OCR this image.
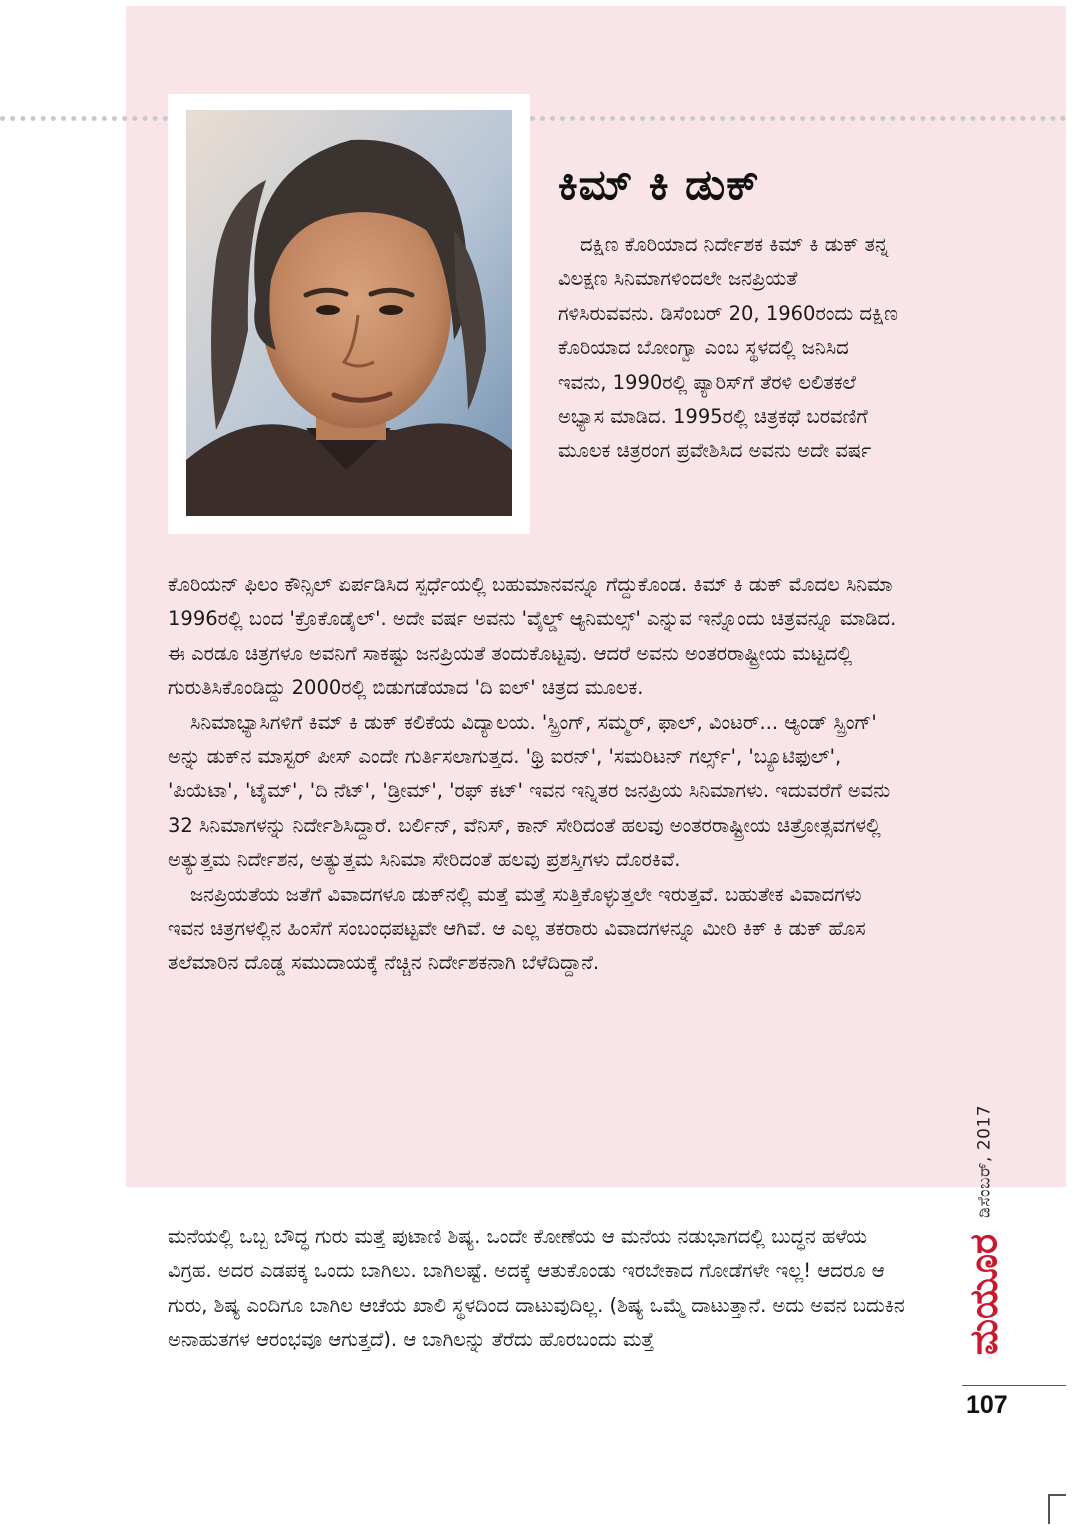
ಕಿಮ್ ಕಿ ಡುಕ್

ದಕ್ಷಿಣ ಕೊರಿಯಾದ ನಿರ್ದೇಶಕ ಕಿಮ್ ಕಿ ಡುಕ್ ತನ್ನ ವಿಲಕ್ಷಣ ಸಿನಿಮಾಗಳಿಂದಲೇ ಜನಪ್ರಿಯತೆ ಗಳಿಸಿರುವವನು. ಡಿಸೆಂಬರ್ 20, 1960ರಂದು ದಕ್ಷಿಣ ಕೊರಿಯಾದ ಬೋಂಗ್ವಾ ಎಂಬ ಸ್ಥಳದಲ್ಲಿ ಜನಿಸಿದ ಇವನು, 1990ರಲ್ಲಿ ಪ್ಯಾರಿಸ್‌ಗೆ ತೆರಳಿ ಲಲಿತಕಲೆ ಅಭ್ಯಾಸ ಮಾಡಿದ. 1995ರಲ್ಲಿ ಚಿತ್ರಕಥೆ ಬರವಣಿಗೆ ಮೂಲಕ ಚಿತ್ರರಂಗ ಪ್ರವೇಶಿಸಿದ ಅವನು ಅದೇ ವರ್ಷ

ಕೊರಿಯನ್ ಫಿಲಂ ಕೌನ್ಸಿಲ್ ಏರ್ಪಡಿಸಿದ ಸ್ಪರ್ಧೆಯಲ್ಲಿ ಬಹುಮಾನವನ್ನೂ ಗೆದ್ದುಕೊಂಡ. ಕಿಮ್ ಕಿ ಡುಕ್ ಮೊದಲ ಸಿನಿಮಾ 1996ರಲ್ಲಿ ಬಂದ 'ಕ್ರೊಕೊಡೈಲ್'. ಅದೇ ವರ್ಷ ಅವನು 'ವೈಲ್ಡ್ ಆ್ಯನಿಮಲ್ಸ್' ಎನ್ನುವ ಇನ್ನೊಂದು ಚಿತ್ರವನ್ನೂ ಮಾಡಿದ. ಈ ಎರಡೂ ಚಿತ್ರಗಳೂ ಅವನಿಗೆ ಸಾಕಷ್ಟು ಜನಪ್ರಿಯತೆ ತಂದುಕೊಟ್ಟವು. ಆದರೆ ಅವನು ಅಂತರರಾಷ್ಟ್ರೀಯ ಮಟ್ಟದಲ್ಲಿ ಗುರುತಿಸಿಕೊಂಡಿದ್ದು 2000ರಲ್ಲಿ ಬಿಡುಗಡೆಯಾದ 'ದಿ ಐಲ್' ಚಿತ್ರದ ಮೂಲಕ.

ಸಿನಿಮಾಭ್ಯಾಸಿಗಳಿಗೆ ಕಿಮ್ ಕಿ ಡುಕ್ ಕಲಿಕೆಯ ವಿದ್ಯಾಲಯ. 'ಸ್ಪ್ರಿಂಗ್, ಸಮ್ಮರ್, ಫಾಲ್, ವಿಂಟರ್... ಆ್ಯಂಡ್ ಸ್ಪ್ರಿಂಗ್' ಅನ್ನು ಡುಕ್‌ನ ಮಾಸ್ಟರ್ ಪೀಸ್ ಎಂದೇ ಗುರ್ತಿಸಲಾಗುತ್ತದ. 'ಥ್ರಿ ಐರನ್', 'ಸಮರಿಟನ್ ಗರ್ಲ್ಸ್', 'ಬ್ಯೂಟಿಫುಲ್', 'ಪಿಯೆಟಾ', 'ಟೈಮ್', 'ದಿ ನೆಟ್', 'ಡ್ರೀಮ್', 'ರಫ್ ಕಟ್' ಇವನ ಇನ್ನಿತರ ಜನಪ್ರಿಯ ಸಿನಿಮಾಗಳು. ಇದುವರೆಗೆ ಅವನು 32 ಸಿನಿಮಾಗಳನ್ನು ನಿರ್ದೇಶಿಸಿದ್ದಾರೆ. ಬರ್ಲಿನ್, ವೆನಿಸ್, ಕಾನ್ ಸೇರಿದಂತೆ ಹಲವು ಅಂತರರಾಷ್ಟ್ರೀಯ ಚಿತ್ರೋತ್ಸವಗಳಲ್ಲಿ ಅತ್ಯುತ್ತಮ ನಿರ್ದೇಶನ, ಅತ್ಯುತ್ತಮ ಸಿನಿಮಾ ಸೇರಿದಂತೆ ಹಲವು ಪ್ರಶಸ್ತಿಗಳು ದೊರಕಿವೆ.

ಜನಪ್ರಿಯತೆಯ ಜತೆಗೆ ವಿವಾದಗಳೂ ಡುಕ್‌ನಲ್ಲಿ ಮತ್ತೆ ಮತ್ತೆ ಸುತ್ತಿಕೊಳ್ಳುತ್ತಲೇ ಇರುತ್ತವೆ. ಬಹುತೇಕ ವಿವಾದಗಳು ಇವನ ಚಿತ್ರಗಳಲ್ಲಿನ ಹಿಂಸೆಗೆ ಸಂಬಂಧಪಟ್ಟವೇ ಆಗಿವೆ. ಆ ಎಲ್ಲ ತಕರಾರು ವಿವಾದಗಳನ್ನೂ ಮೀರಿ ಕಿಕ್ ಕಿ ಡುಕ್ ಹೊಸ ತಲೆಮಾರಿನ ದೊಡ್ಡ ಸಮುದಾಯಕ್ಕೆ ನೆಚ್ಚಿನ ನಿರ್ದೇಶಕನಾಗಿ ಬೆಳೆದಿದ್ದಾನೆ.

ಮನೆಯಲ್ಲಿ ಒಬ್ಬ ಬೌದ್ಧ ಗುರು ಮತ್ತೆ ಪುಟಾಣಿ ಶಿಷ್ಯ. ಒಂದೇ ಕೋಣೆಯ ಆ ಮನೆಯ ನಡುಭಾಗದಲ್ಲಿ ಬುದ್ಧನ ಹಳೆಯ ವಿಗ್ರಹ. ಅದರ ಎಡಪಕ್ಕ ಒಂದು ಬಾಗಿಲು. ಬಾಗಿಲಷ್ಟೆ. ಅದಕ್ಕೆ ಆತುಕೊಂಡು ಇರಬೇಕಾದ ಗೋಡೆಗಳೇ ಇಲ್ಲ! ಆದರೂ ಆ ಗುರು, ಶಿಷ್ಯ ಎಂದಿಗೂ ಬಾಗಿಲ ಆಚೆಯ ಖಾಲಿ ಸ್ಥಳದಿಂದ ದಾಟುವುದಿಲ್ಲ. (ಶಿಷ್ಯ ಒಮ್ಮೆ ದಾಟುತ್ತಾನೆ. ಅದು ಅವನ ಬದುಕಿನ ಅನಾಹುತಗಳ ಆರಂಭವೂ ಆಗುತ್ತದೆ). ಆ ಬಾಗಿಲನ್ನು ತೆರೆದು ಹೊರಬಂದು ಮತ್ತೆ	ಮಯೂರ
ಡಿಸೆಂಬರ್, 2017
107
